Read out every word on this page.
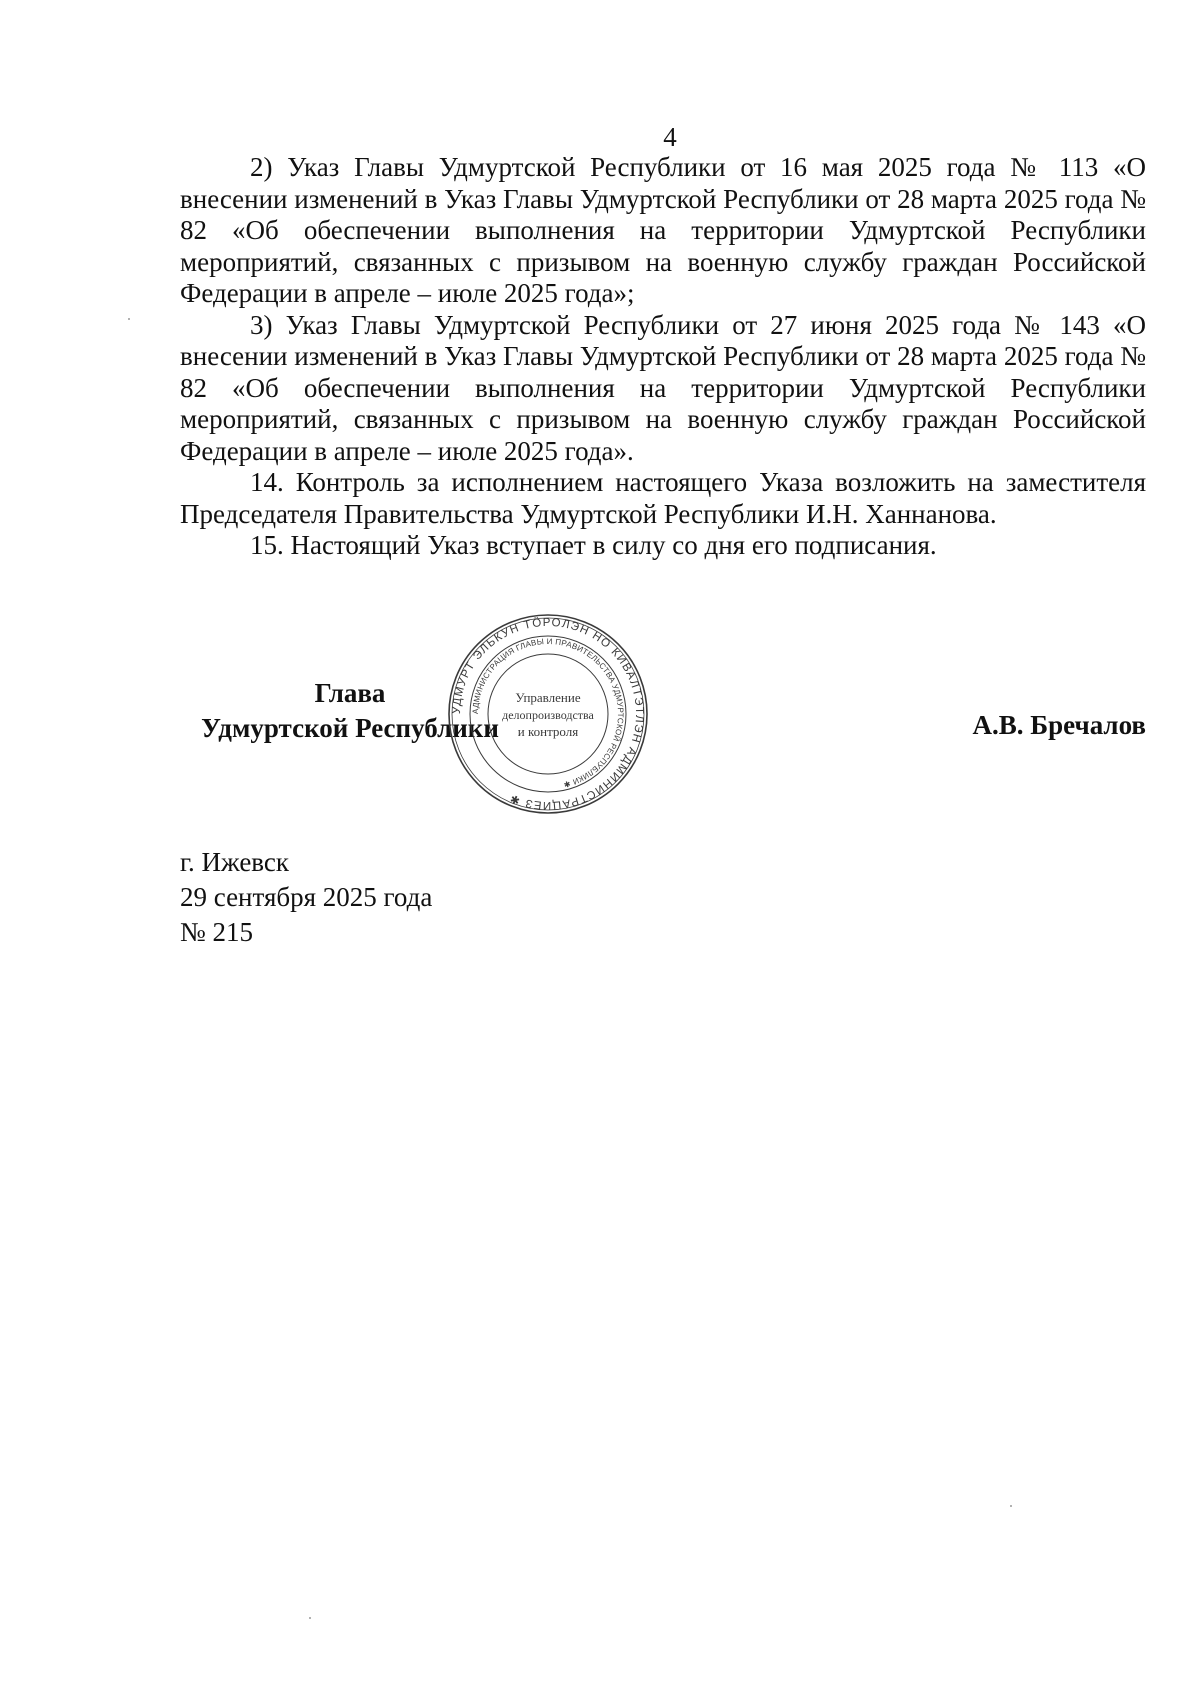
4

2) Указ Главы Удмуртской Республики от 16 мая 2025 года № 113 «О внесении изменений в Указ Главы Удмуртской Республики от 28 марта 2025 года № 82 «Об обеспечении выполнения на территории Удмуртской Республики мероприятий, связанных с призывом на военную службу граждан Российской Федерации в апреле – июле 2025 года»;

3) Указ Главы Удмуртской Республики от 27 июня 2025 года № 143 «О внесении изменений в Указ Главы Удмуртской Республики от 28 марта 2025 года № 82 «Об обеспечении выполнения на территории Удмуртской Республики мероприятий, связанных с призывом на военную службу граждан Российской Федерации в апреле – июле 2025 года».

14. Контроль за исполнением настоящего Указа возложить на заместителя Председателя Правительства Удмуртской Республики И.Н. Ханнанова.

15. Настоящий Указ вступает в силу со дня его подписания.

Глава
Удмуртской Республики
УДМУРТ ЭЛЬКУН ТӦРОЛЭН НО КИВАЛТЭТЛЭН АДМИНИСТРАЦИЕЗ ✱
АДМИНИСТРАЦИЯ ГЛАВЫ И ПРАВИТЕЛЬСТВА УДМУРТСКОЙ РЕСПУБЛИКИ ✱
Управление
делопроизводства
и контроля	А.В. Бречалов
г. Ижевск
29 сентября 2025 года
№ 215
